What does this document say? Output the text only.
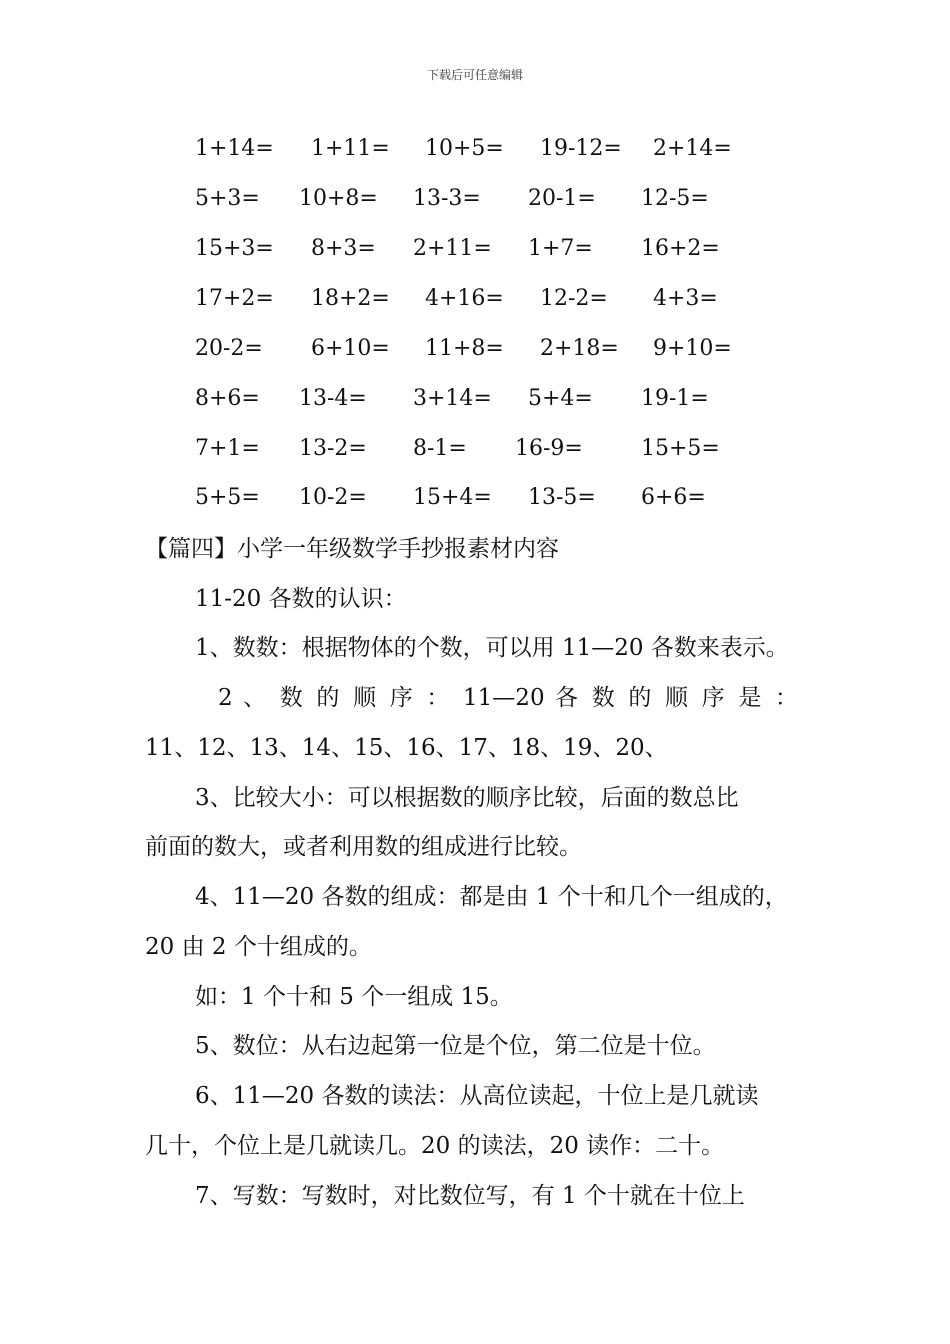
下载后可任意编辑
1+14= 1+11= 10+5= 19-12= 2+14=
5+3= 10+8= 13-3= 20-1= 12-5=
15+3= 8+3= 2+11= 1+7= 16+2=
17+2= 18+2= 4+16= 12-2= 4+3=
20-2= 6+10= 11+8= 2+18= 9+10=
8+6= 13-4= 3+14= 5+4= 19-1=
7+1= 13-2= 8-1= 16-9=	15+5=
5+5= 10-2= 15+4= 13-5= 6+6=
【篇四】小学一年级数学手抄报素材内容
11-20 各数的认识：
1、数数：根据物体的个数，可以用 11—20 各数来表示。
2 、 数 的 顺 序 ： 11—20 各 数 的 顺 序 是 ：
11、12、13、14、15、16、17、18、19、20、
3、比较大小：可以根据数的顺序比较，后面的数总比
前面的数大，或者利用数的组成进行比较。
4、11—20 各数的组成：都是由 1 个十和几个一组成的，
20 由 2 个十组成的。
如：1 个十和 5 个一组成 15。
5、数位：从右边起第一位是个位，第二位是十位。
6、11—20 各数的读法：从高位读起，十位上是几就读
几十，个位上是几就读几。20 的读法，20 读作：二十。
7、写数：写数时，对比数位写，有 1 个十就在十位上
